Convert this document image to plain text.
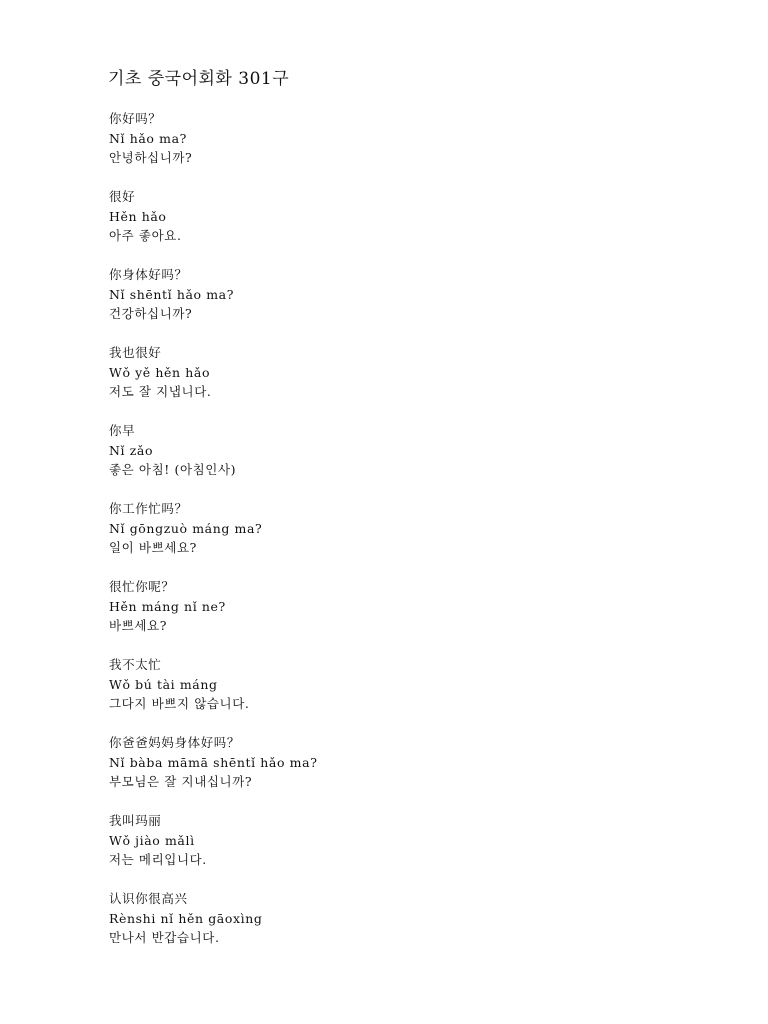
기초 중국어회화 301구
你好吗？
Nǐ hǎo ma?
안녕하십니까?
很好
Hěn hǎo
아주 좋아요.
你身体好吗？
Nǐ shēntǐ hǎo ma?
건강하십니까?
我也很好
Wǒ yě hěn hǎo
저도 잘 지냅니다.
你早
Nǐ zǎo
좋은 아침! (아침인사)
你工作忙吗？
Nǐ gōngzuò máng ma?
일이 바쁘세요?
很忙你呢？
Hěn máng nǐ ne?
바쁘세요?
我不太忙
Wǒ bú tài máng
그다지 바쁘지 않습니다.
你爸爸妈妈身体好吗？
Nǐ bàba māmā shēntǐ hǎo ma?
부모님은 잘 지내십니까?
我叫玛丽
Wǒ jiào mǎlì
저는 메리입니다.
认识你很高兴
Rènshi nǐ hěn gāoxìng
만나서 반갑습니다.
